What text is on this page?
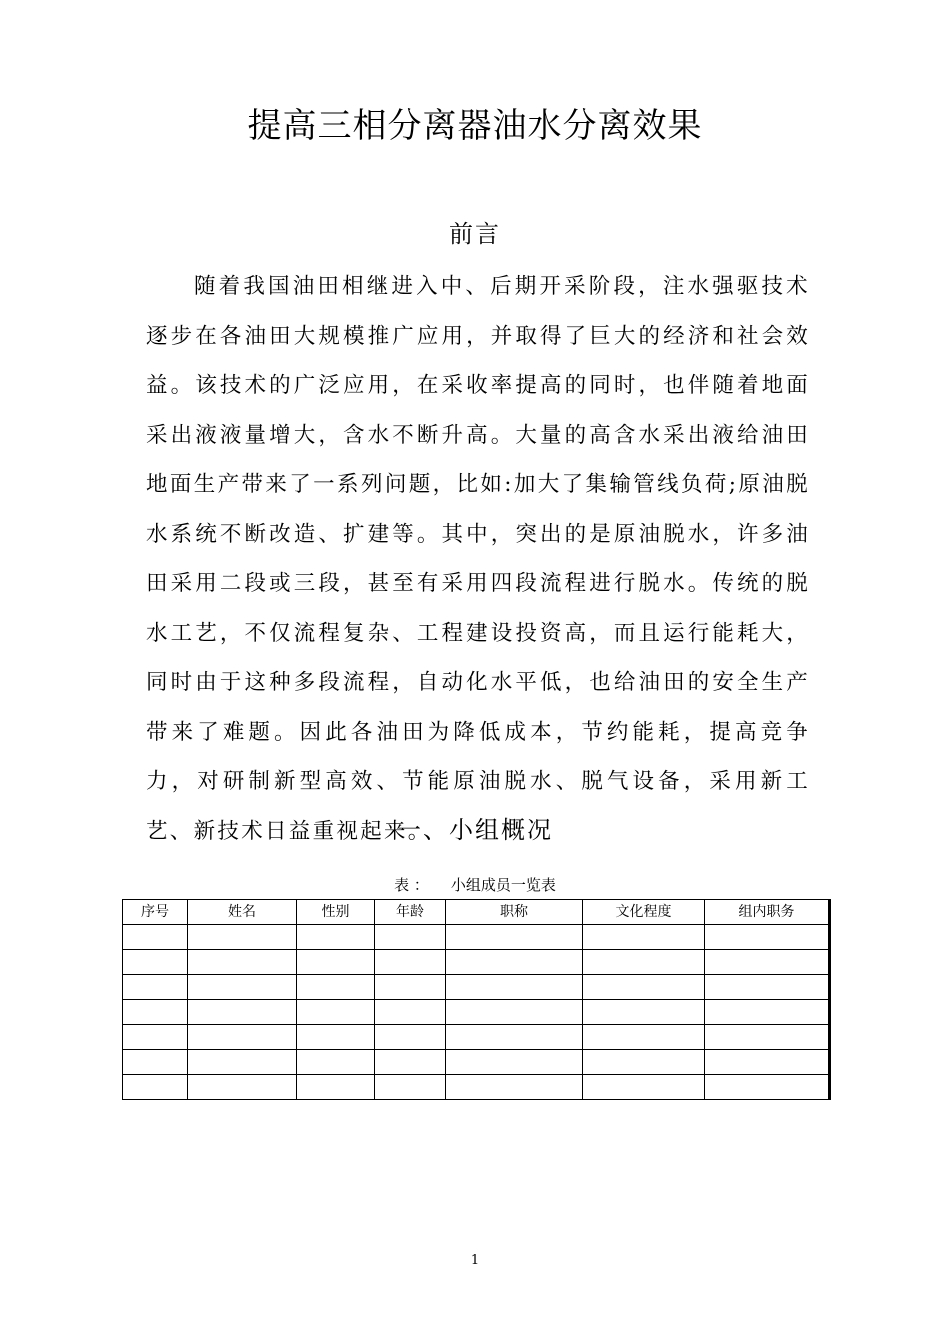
提高三相分离器油水分离效果
前言

随着我国油田相继进入中、后期开采阶段，注水强驱技术逐步在各油田大规模推广应用，并取得了巨大的经济和社会效益。该技术的广泛应用，在采收率提高的同时，也伴随着地面采出液液量增大，含水不断升高。大量的高含水采出液给油田地面生产带来了一系列问题，比如:加大了集输管线负荷;原油脱水系统不断改造、扩建等。其中，突出的是原油脱水，许多油田采用二段或三段，甚至有采用四段流程进行脱水。传统的脱水工艺，不仅流程复杂、工程建设投资高，而且运行能耗大，同时由于这种多段流程，自动化水平低，也给油田的安全生产带来了难题。因此各油田为降低成本，节约能耗，提高竞争力，对研制新型高效、节能原油脱水、脱气设备，采用新工艺、新技术日益重视起来。

一、小组概况

表 ： 小组成员一览表

序号	姓名	性别	年龄	职称	文化程度	组内职务

1
